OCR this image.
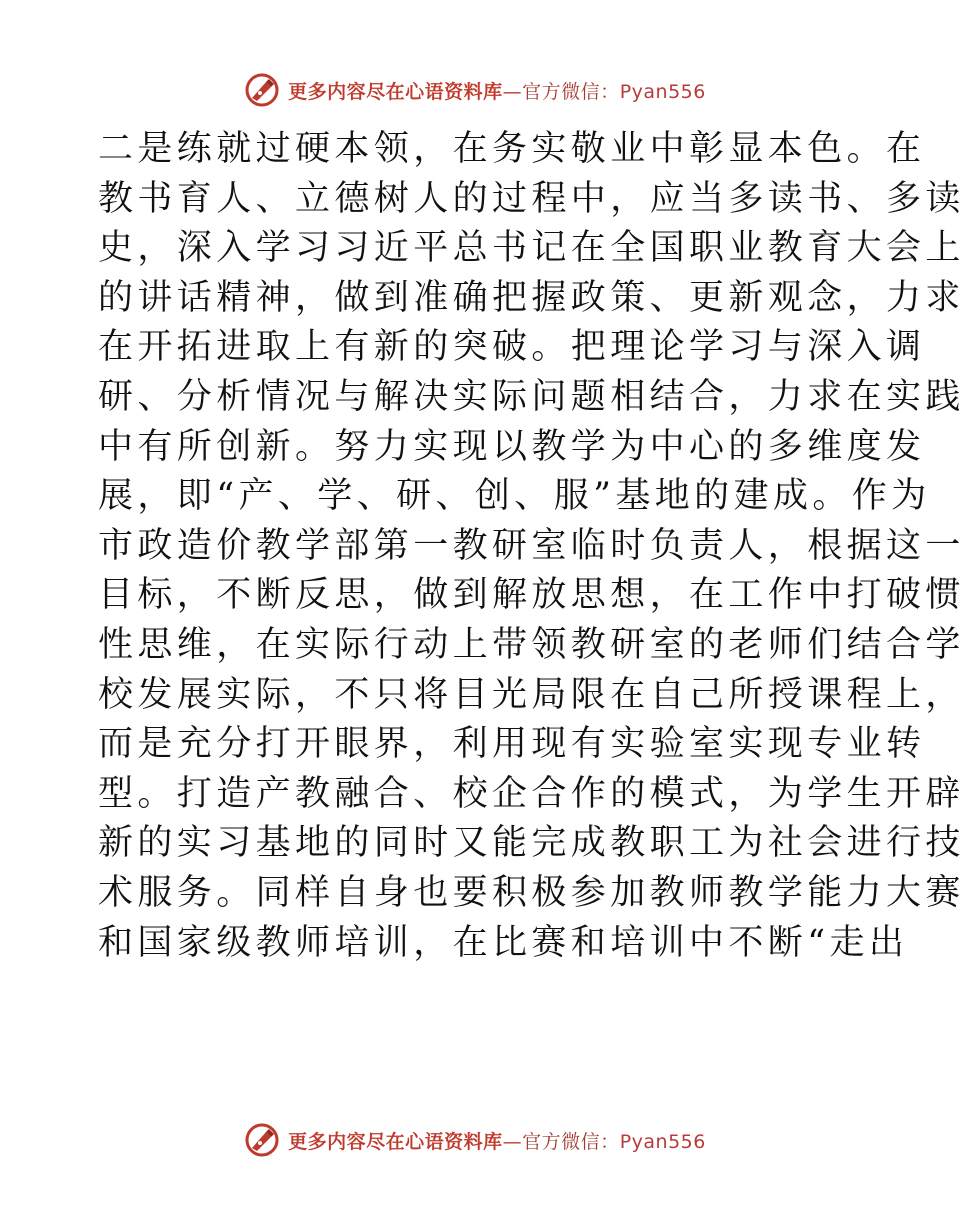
更多内容尽在心语资料库—官方微信：Pyan556
二是练就过硬本领，在务实敬业中彰显本色。在
教书育人、立德树人的过程中，应当多读书、多读
史，深入学习习近平总书记在全国职业教育大会上
的讲话精神，做到准确把握政策、更新观念，力求
在开拓进取上有新的突破。把理论学习与深入调
研、分析情况与解决实际问题相结合，力求在实践
中有所创新。努力实现以教学为中心的多维度发
展，即“产、学、研、创、服”基地的建成。作为
市政造价教学部第一教研室临时负责人，根据这一
目标，不断反思，做到解放思想，在工作中打破惯
性思维，在实际行动上带领教研室的老师们结合学
校发展实际，不只将目光局限在自己所授课程上，
而是充分打开眼界，利用现有实验室实现专业转
型。打造产教融合、校企合作的模式，为学生开辟
新的实习基地的同时又能完成教职工为社会进行技
术服务。同样自身也要积极参加教师教学能力大赛
和国家级教师培训，在比赛和培训中不断“走出
更多内容尽在心语资料库—官方微信：Pyan556
